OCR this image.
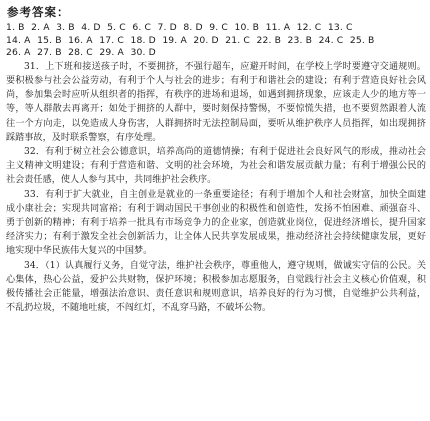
参考答案：

1. B 2. A 3. B 4. D 5. C 6. C 7. D 8. D 9. C 10. B 11. A 12. C 13. C

14. A 15. B 16. A 17. C 18. D 19. A 20. D 21. C 22. B 23. B 24. C 25. B

26. A 27. B 28. C 29. A 30. D

31．上下班和接送孩子时，不要拥挤，不强行超车，应避开时间，在学校上学时要遵守交通规则。要积极参与社会公益劳动，有利于个人与社会的进步；有利于和谐社会的建设；有利于营造良好社会风尚，参加集会时应听从组织者的指挥，有秩序的进场和退场，如遇到拥挤现象，应该走人少的地方等一等，等人群散去再离开；如处于拥挤的人群中，要时刻保持警惕，不要惊慌失措，也不要贸然跟着人流往一个方向走，以免造成人身伤害，人群拥挤时无法控制局面，要听从维护秩序人员指挥，如出现拥挤踩踏事故，及时联系警察，有序处理。

32．有利于树立社会公德意识，培养高尚的道德情操；有利于促进社会良好风气的形成，推动社会主义精神文明建设；有利于营造和谐、文明的社会环境，为社会和谐发展贡献力量；有利于增强公民的社会责任感，使人人参与其中，共同维护社会秩序。

33．有利于扩大就业，自主创业是就业的一条重要途径；有利于增加个人和社会财富，加快全面建成小康社会；实现共同富裕；有利于调动国民干事创业的积极性和创造性，发扬不怕困难、顽强奋斗、勇于创新的精神；有利于培养一批具有市场竞争力的企业家，创造就业岗位，促进经济增长，提升国家经济实力；有利于激发全社会创新活力，让全体人民共享发展成果，推动经济社会持续健康发展，更好地实现中华民族伟大复兴的中国梦。

34．（1）认真履行义务，自觉守法，维护社会秩序，尊重他人，遵守规则，做诚实守信的公民。关心集体，热心公益，爱护公共财物，保护环境；积极参加志愿服务，自觉践行社会主义核心价值观，积极传播社会正能量，增强法治意识、责任意识和规则意识，培养良好的行为习惯，自觉维护公共利益，不乱扔垃圾，不随地吐痰，不闯红灯，不乱穿马路，不破坏公物。
